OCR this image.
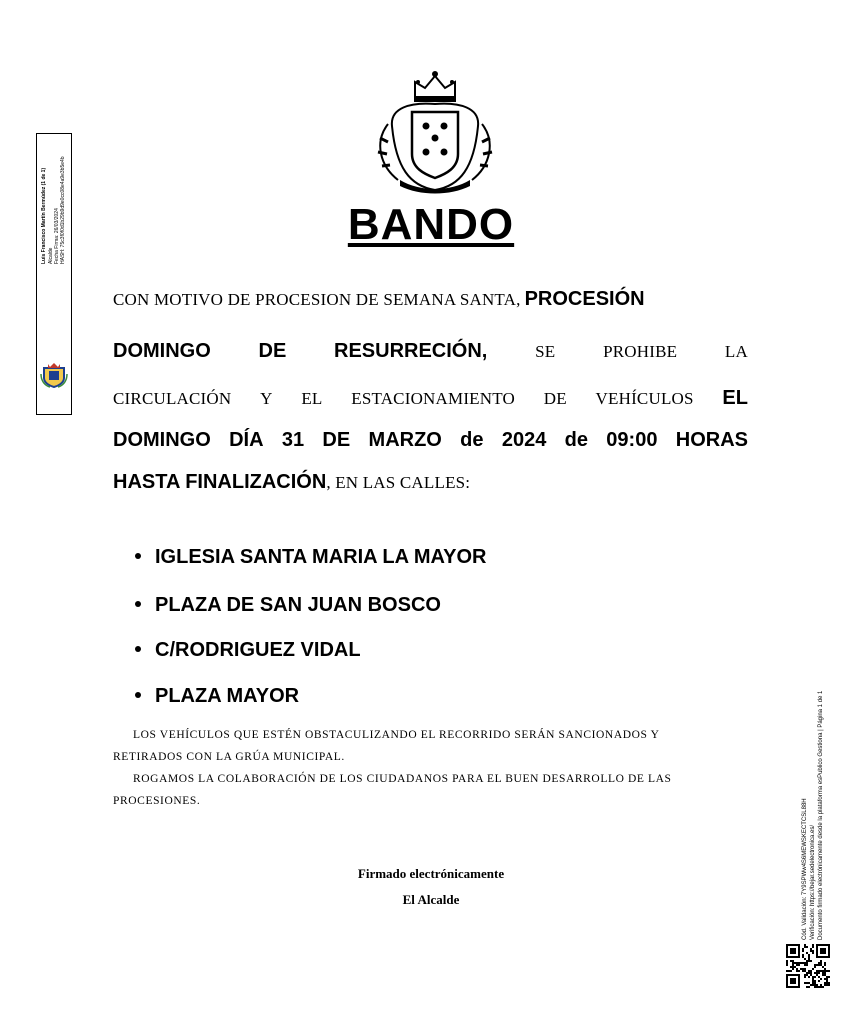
BANDO
CON MOTIVO DE PROCESION DE SEMANA SANTA, PROCESIÓN
DOMINGO DE RESURRECIÓN,	SE	PROHIBE	LA
CIRCULACIÓN Y EL ESTACIONAMIENTO DE VEHÍCULOS EL
DOMINGO DÍA 31 DE MARZO de 2024 de 09:00 HORAS
HASTA FINALIZACIÓN, EN LAS CALLES:
IGLESIA SANTA MARIA LA MAYOR
PLAZA DE SAN JUAN BOSCO
C/RODRIGUEZ VIDAL
PLAZA MAYOR
LOS VEHÍCULOS QUE ESTÉN OBSTACULIZANDO EL RECORRIDO SERÁN SANCIONADOS Y
RETIRADOS CON LA GRÚA MUNICIPAL.
ROGAMOS LA COLABORACIÓN DE LOS CIUDADANOS PARA EL BUEN DESARROLLO DE LAS
PROCESIONES.
Firmado electrónicamente
El Alcalde
Luis Francisco Martín Bermúdez (1 de 1) Alcalde Fecha Firma: 26/03/2024 HASH: 75c3f0f0d1b29b9d9e0cc08e4a9e3b5e4b
Cód. Validación: 7Y9SPWw4S6MEWSKECTCSL88H Verificación: https://bejar.sedelectronica.es/ Documento firmado electrónicamente desde la plataforma esPublico Gestiona | Página 1 de 1
